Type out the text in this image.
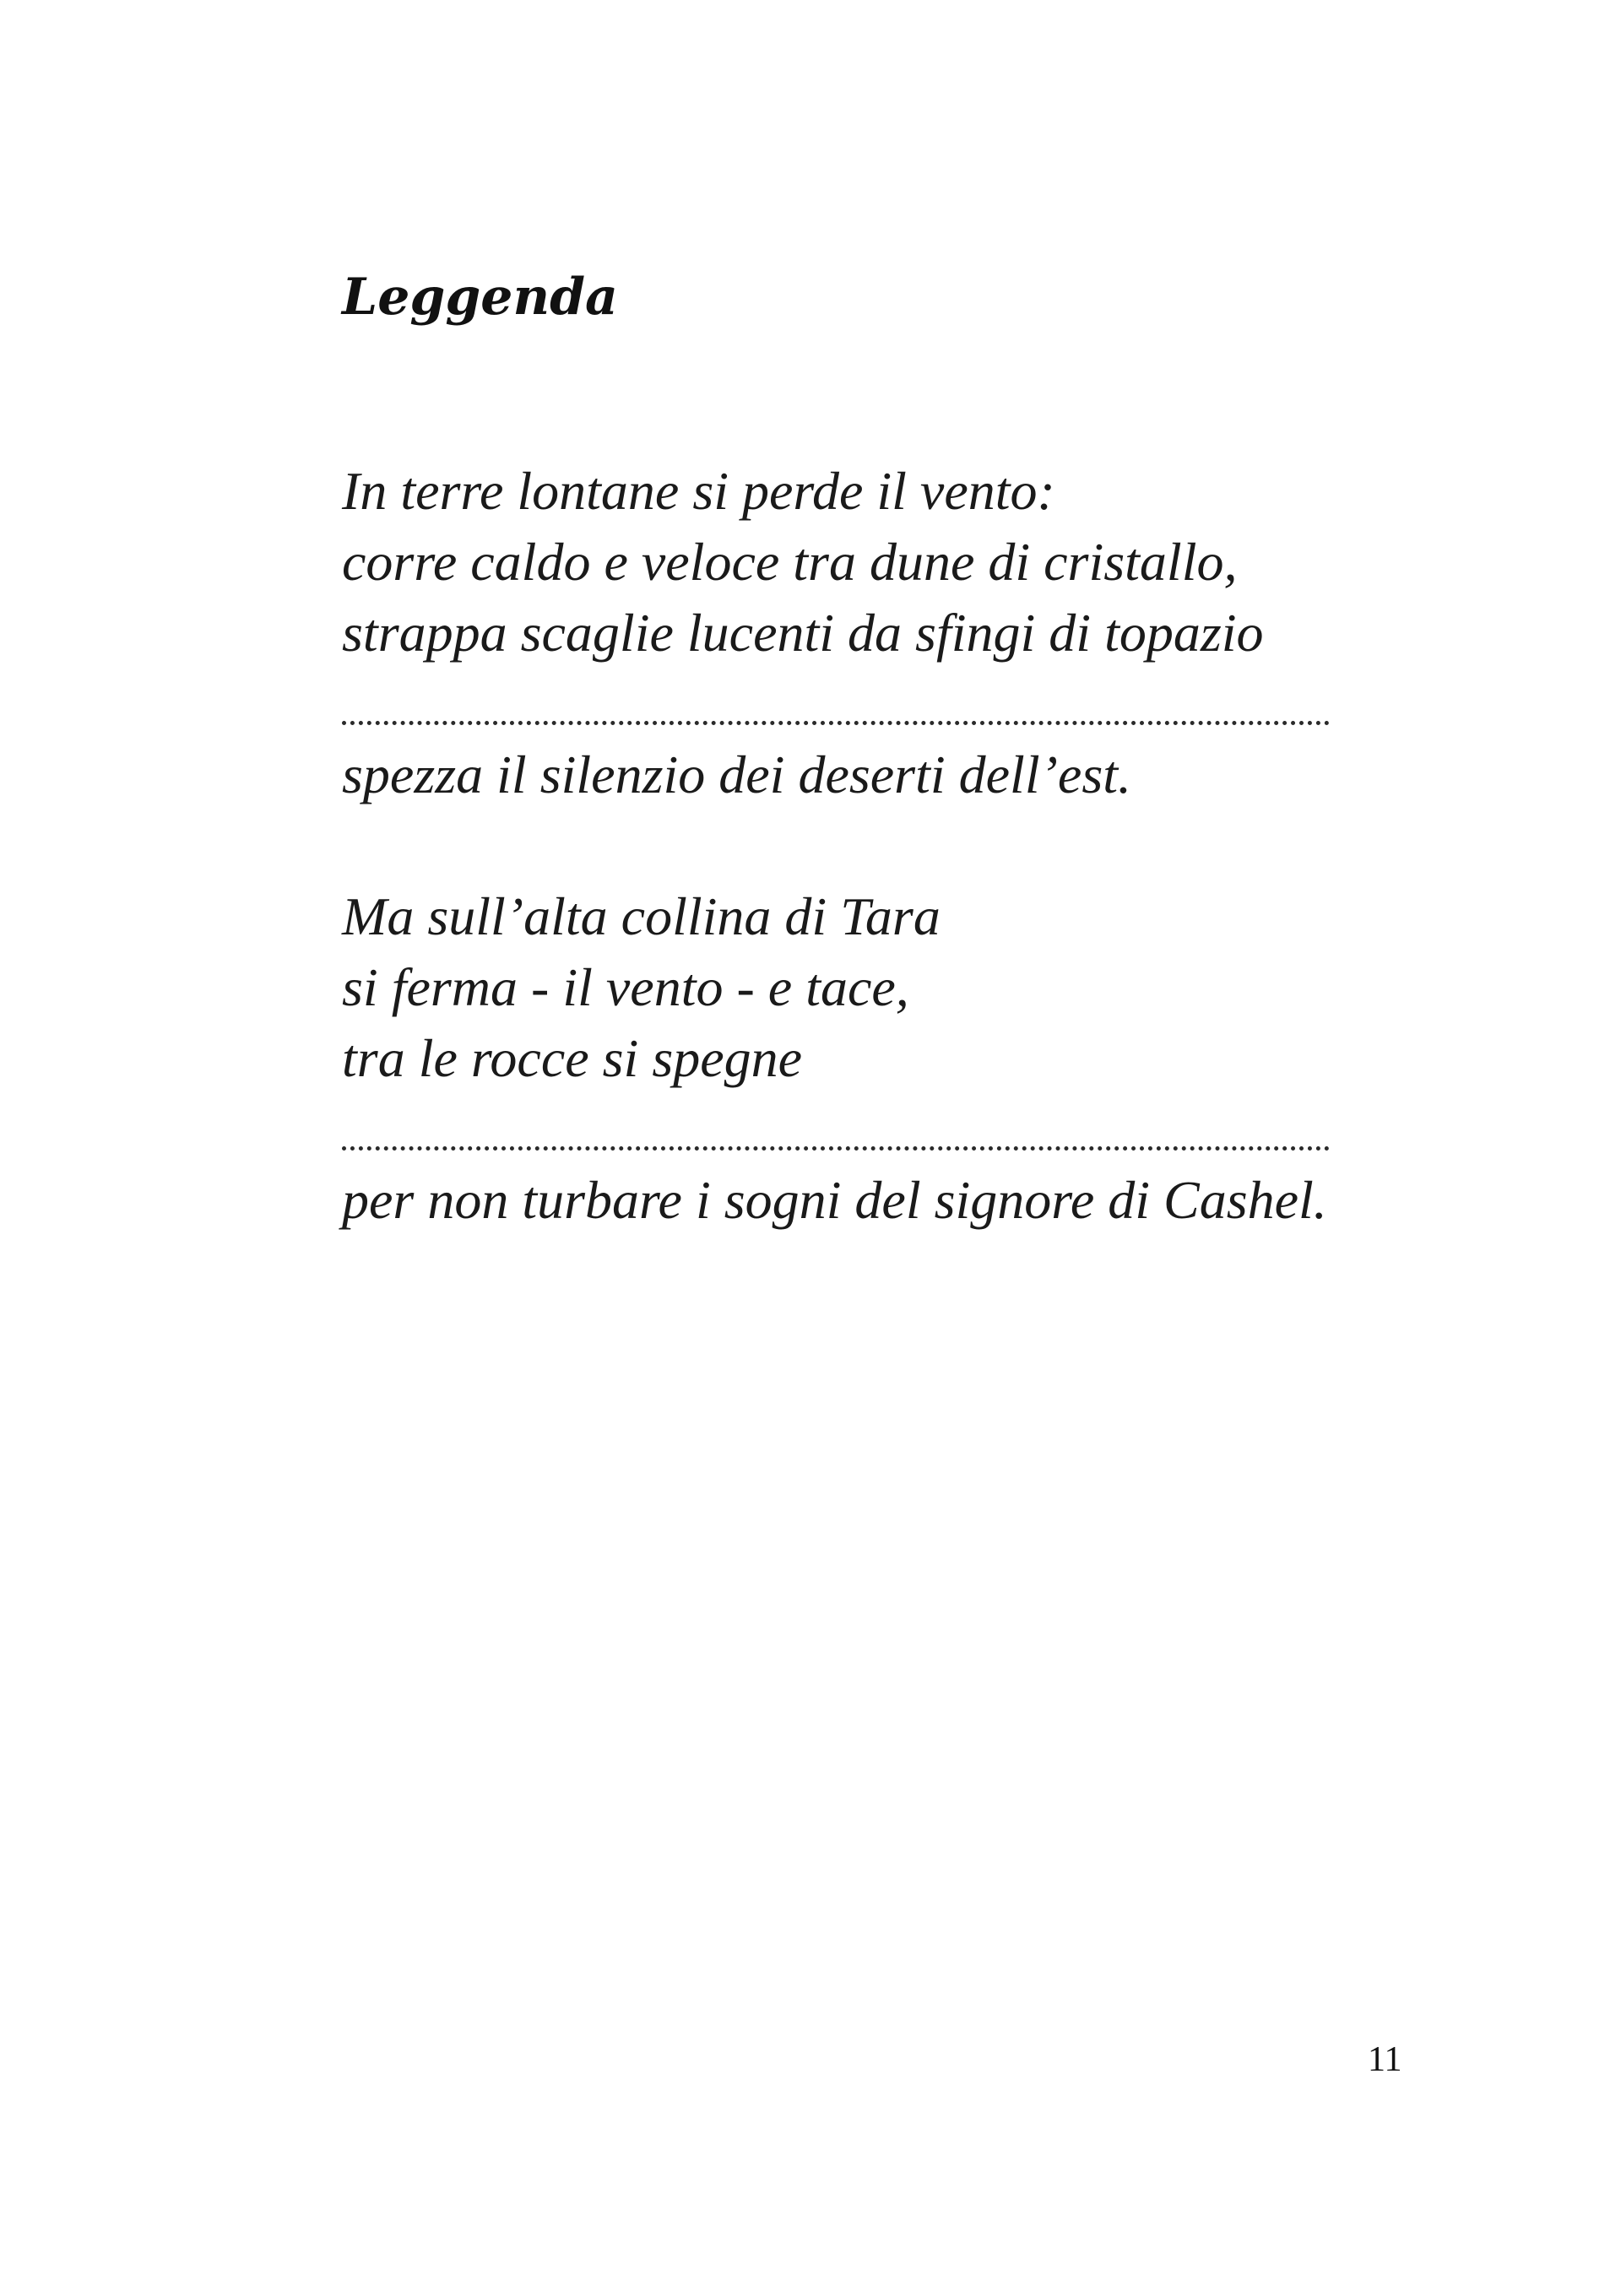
Leggenda
In terre lontane si perde il vento:
corre caldo e veloce tra dune di cristallo,
strappa scaglie lucenti da sfingi di topazio
spezza il silenzio dei deserti dell’est.
Ma sull’alta collina di Tara
si ferma - il vento - e tace,
tra le rocce si spegne
per non turbare i sogni del signore di Cashel.
11
